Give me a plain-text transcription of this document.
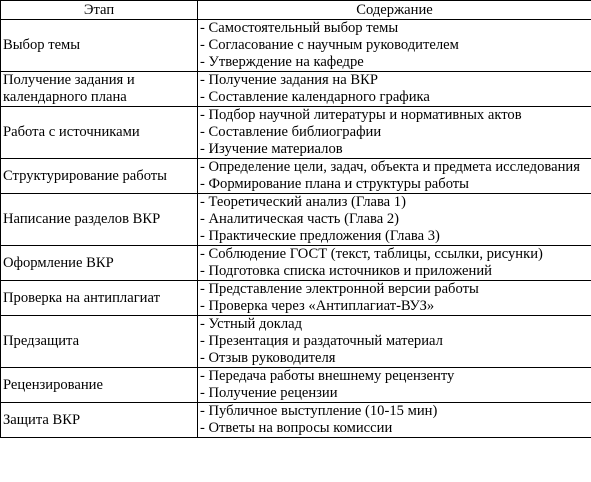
Этап	Содержание
Выбор темы	- Самостоятельный выбор темы
- Согласование с научным руководителем
- Утверждение на кафедре

Получение задания и календарного плана	- Получение задания на ВКР
- Составление календарного графика

Работа с источниками	- Подбор научной литературы и нормативных актов
- Составление библиографии
- Изучение материалов

Структурирование работы	- Определение цели, задач, объекта и предмета исследования
- Формирование плана и структуры работы

Написание разделов ВКР	- Теоретический анализ (Глава 1)
- Аналитическая часть (Глава 2)
- Практические предложения (Глава 3)

Оформление ВКР	- Соблюдение ГОСТ (текст, таблицы, ссылки, рисунки)
- Подготовка списка источников и приложений

Проверка на антиплагиат	- Представление электронной версии работы
- Проверка через «Антиплагиат-ВУЗ»

Предзащита	- Устный доклад
- Презентация и раздаточный материал
- Отзыв руководителя

Рецензирование	- Передача работы внешнему рецензенту
- Получение рецензии

Защита ВКР	- Публичное выступление (10-15 мин)
- Ответы на вопросы комиссии
